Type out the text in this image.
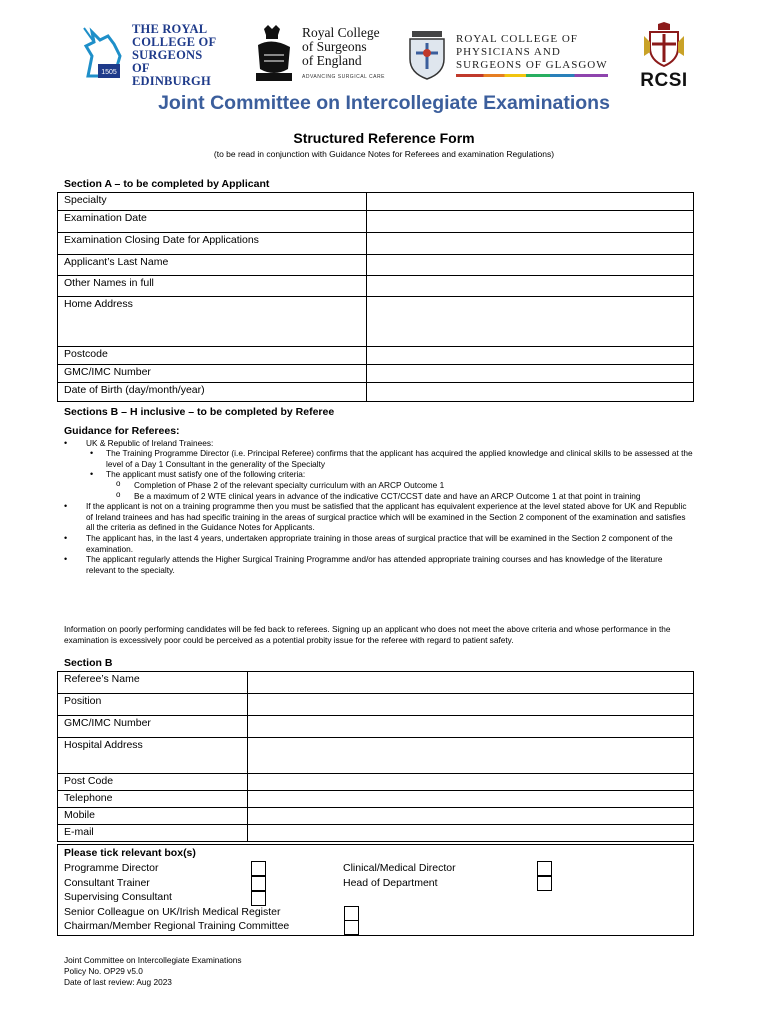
1505
THE ROYAL
COLLEGE OF
SURGEONS
OF EDINBURGH
Royal College
of Surgeons
of England
ADVANCING SURGICAL CARE
ROYAL COLLEGE OF
PHYSICIANS AND
SURGEONS OF GLASGOW
RCSI
Joint Committee on Intercollegiate Examinations
Structured Reference Form
(to be read in conjunction with Guidance Notes for Referees and examination Regulations)
Section A – to be completed by Applicant
Specialty	
Examination Date	
Examination Closing Date for Applications	
Applicant’s Last Name	
Other Names in full	
Home Address	
Postcode	
GMC/IMC Number	
Date of Birth (day/month/year)	
Sections B – H inclusive – to be completed by Referee
Guidance for Referees:
• UK & Republic of Ireland Trainees:
• The Training Programme Director (i.e. Principal Referee) confirms that the applicant has acquired the applied knowledge and clinical skills to be assessed at the level of a Day 1 Consultant in the generality of the Specialty
• The applicant must satisfy one of the following criteria:
o Completion of Phase 2 of the relevant specialty curriculum with an ARCP Outcome 1
o Be a maximum of 2 WTE clinical years in advance of the indicative CCT/CCST date and have an ARCP Outcome 1 at that point in training
• If the applicant is not on a training programme then you must be satisfied that the applicant has equivalent experience at the level stated above for UK and Republic of Ireland trainees and has had specific training in the areas of surgical practice which will be examined in the Section 2 component of the examination and satisfies all the criteria as defined in the Guidance Notes for Applicants.
• The applicant has, in the last 4 years, undertaken appropriate training in those areas of surgical practice that will be examined in the Section 2 component of the examination.
• The applicant regularly attends the Higher Surgical Training Programme and/or has attended appropriate training courses and has knowledge of the literature relevant to the specialty.
Information on poorly performing candidates will be fed back to referees. Signing up an applicant who does not meet the above criteria and whose performance in the examination is excessively poor could be perceived as a potential probity issue for the referee with regard to patient safety.
Section B
Referee’s Name	
Position	
GMC/IMC Number	
Hospital Address	
Post Code	
Telephone	
Mobile	
E-mail	
Please tick relevant box(s)
Programme Director
Consultant Trainer
Supervising Consultant
Senior Colleague on UK/Irish Medical Register
Chairman/Member Regional Training Committee
Clinical/Medical Director
Head of Department
Joint Committee on Intercollegiate Examinations
Policy No. OP29 v5.0
Date of last review: Aug 2023
